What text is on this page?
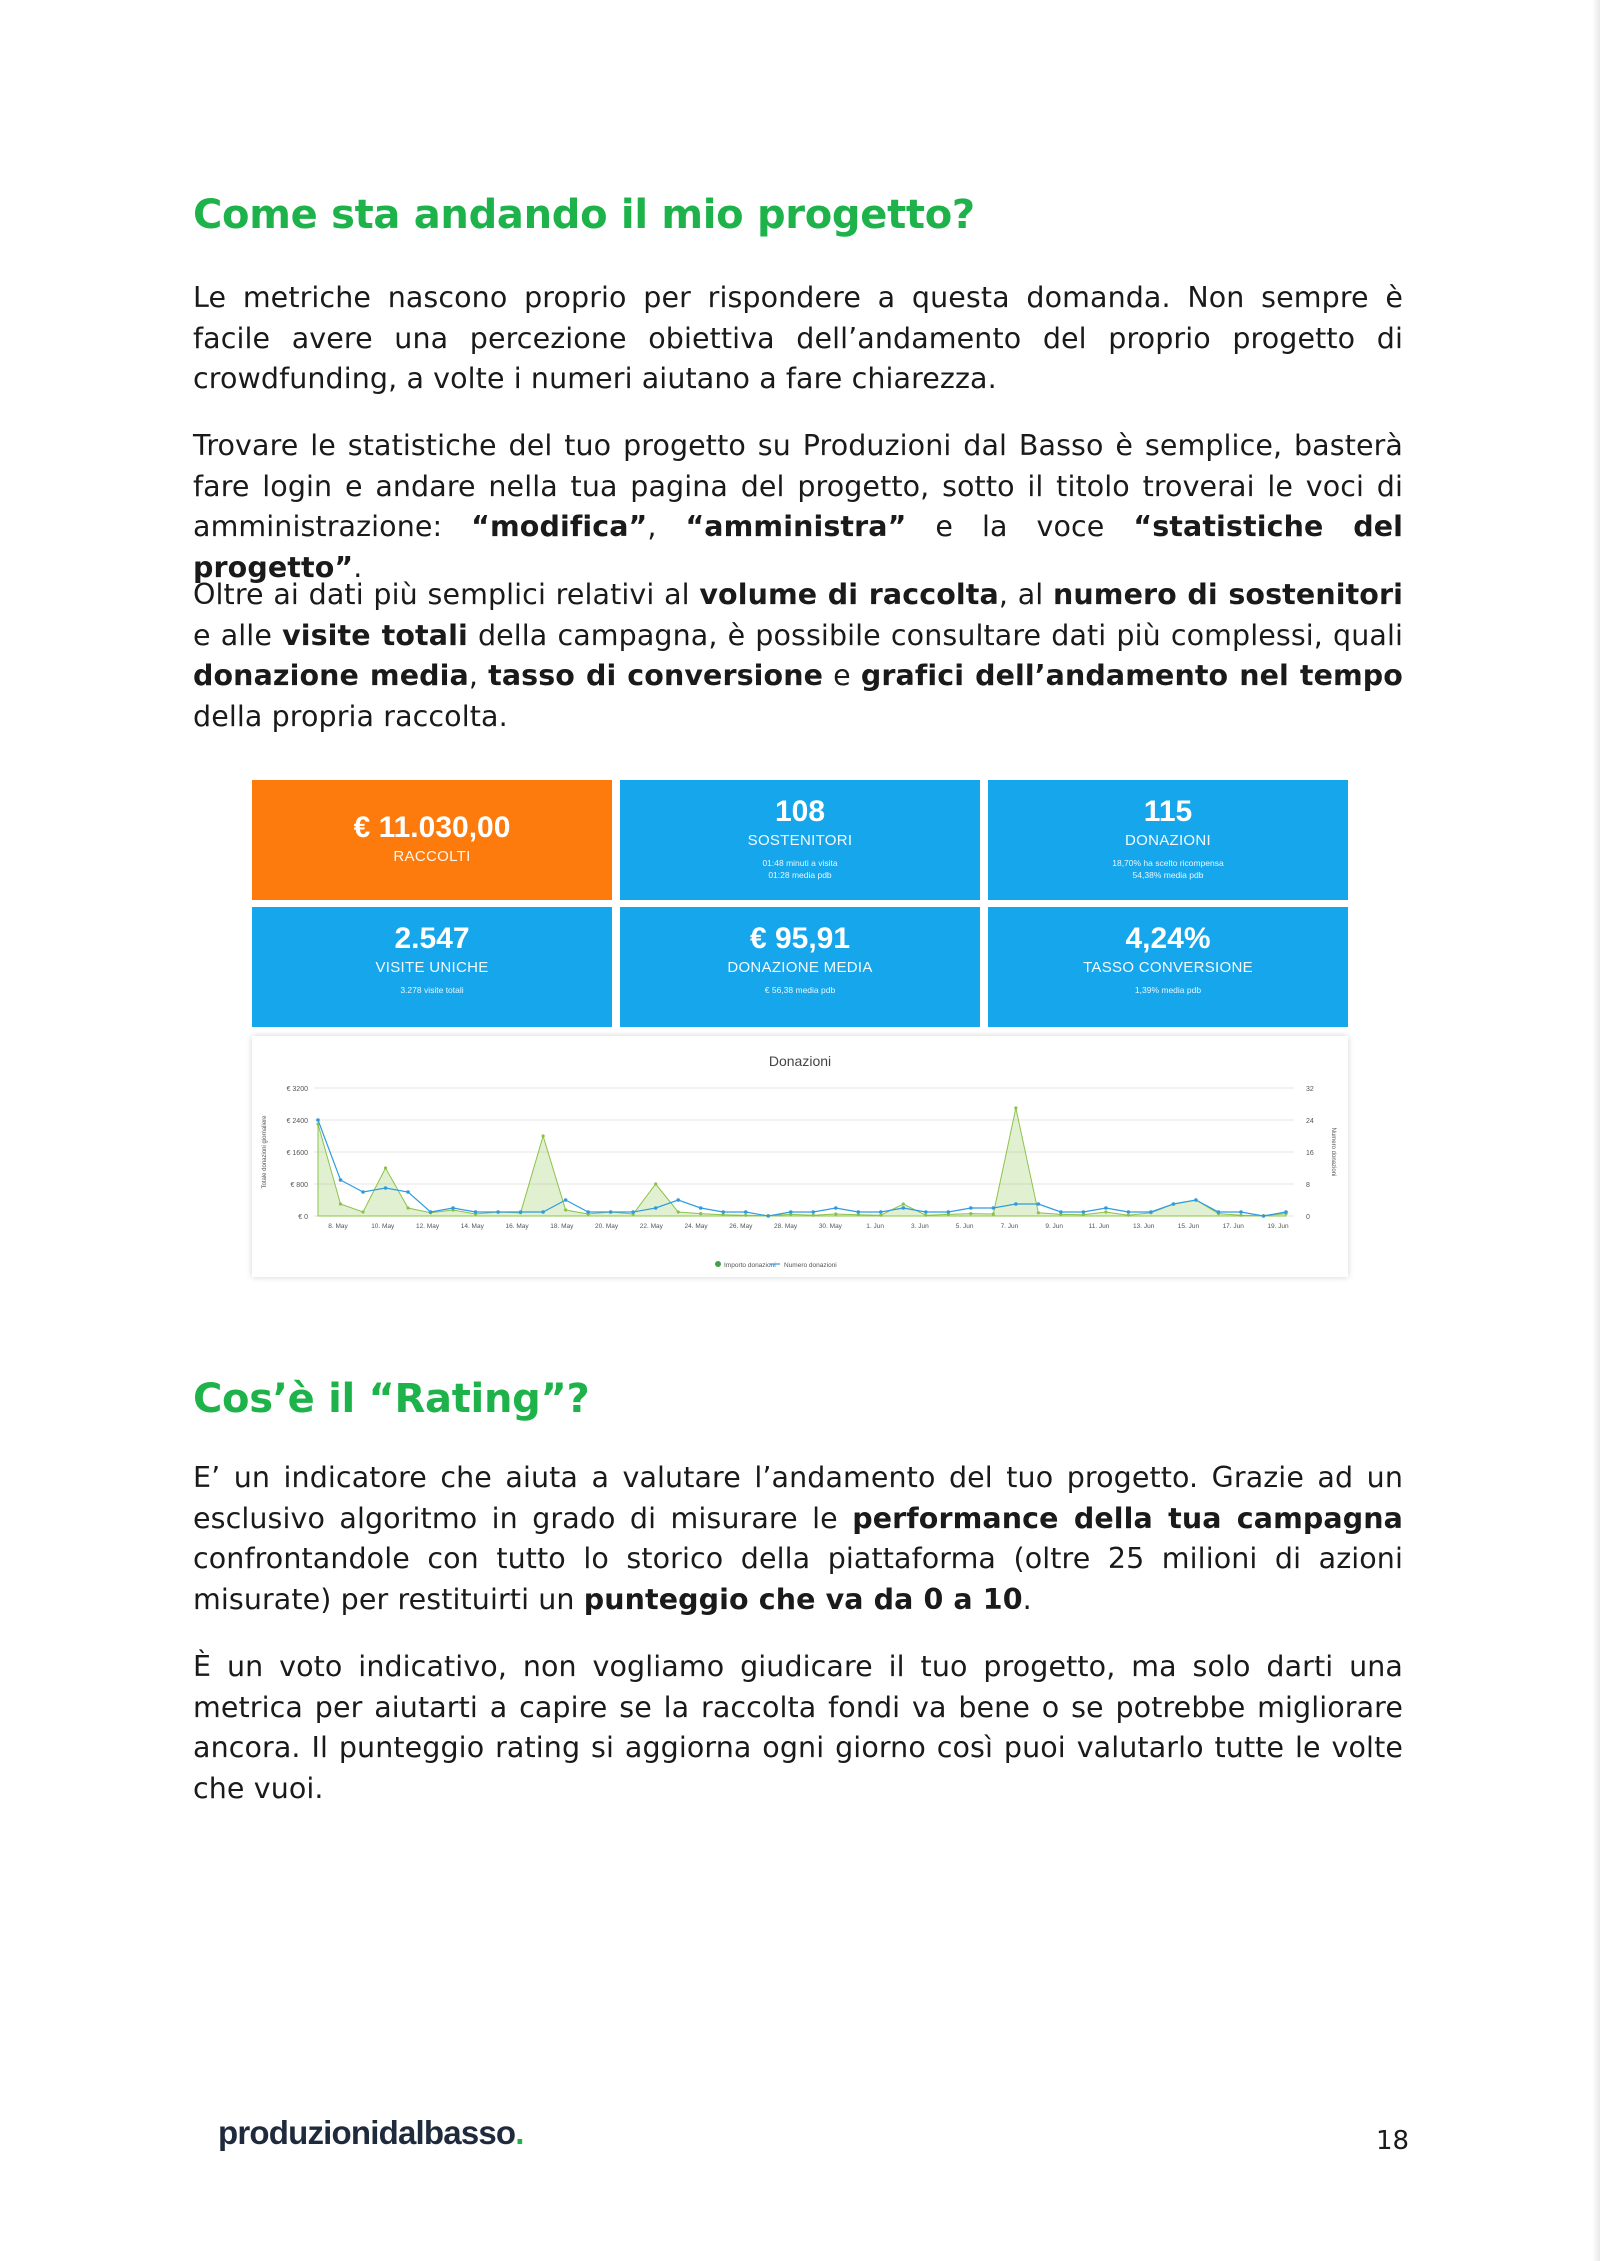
Come sta andando il mio progetto?

Le metriche nascono proprio per rispondere a questa domanda. Non sempre è facile avere una percezione obiettiva dell’andamento del proprio progetto di crowdfunding, a volte i numeri aiutano a fare chiarezza.

Trovare le statistiche del tuo progetto su Produzioni dal Basso è semplice, basterà fare login e andare nella tua pagina del progetto, sotto il titolo troverai le voci di amministrazione: “modifica”, “amministra” e la voce “statistiche del progetto”.

Oltre ai dati più semplici relativi al volume di raccolta, al numero di sostenitori e alle visite totali della campagna, è possibile consultare dati più complessi, quali donazione media, tasso di conversione e grafici dell’andamento nel tempo della propria raccolta.

Cos’è il “Rating”?

E’ un indicatore che aiuta a valutare l’andamento del tuo progetto. Grazie ad un esclusivo algoritmo in grado di misurare le performance della tua campagna confrontandole con tutto lo storico della piattaforma (oltre 25 milioni di azioni misurate) per restituirti un punteggio che va da 0 a 10.

È un voto indicativo, non vogliamo giudicare il tuo progetto, ma solo darti una metrica per aiutarti a capire se la raccolta fondi va bene o se potrebbe migliorare ancora. Il punteggio rating si aggiorna ogni giorno così puoi valutarlo tutte le volte che vuoi.

€ 11.030,00
RACCOLTI
108
SOSTENITORI
01:48 minuti a visita
01:28 media pdb
115
DONAZIONI
18,70% ha scelto ricompensa
54,38% media pdb
2.547
VISITE UNICHE
3.278 visite totali
€ 95,91
DONAZIONE MEDIA
€ 56,38 media pdb
4,24%
TASSO CONVERSIONE
1,39% media pdb
Donazioni
€ 3200
€ 2400
€ 1600
€ 800
€ 0
32
24
16
8
0
Totale donazioni giornaliere	Numero donazioni
8. May	10. May	12. May	14. May	16. May	18. May	20. May	22. May	24. May	26. May	28. May	30. May	1. Jun	3. Jun	5. Jun	7. Jun	9. Jun	11. Jun	13. Jun	15. Jun	17. Jun	19. Jun
Importo donazioni Numero donazioni
produzionidalbasso.	18
